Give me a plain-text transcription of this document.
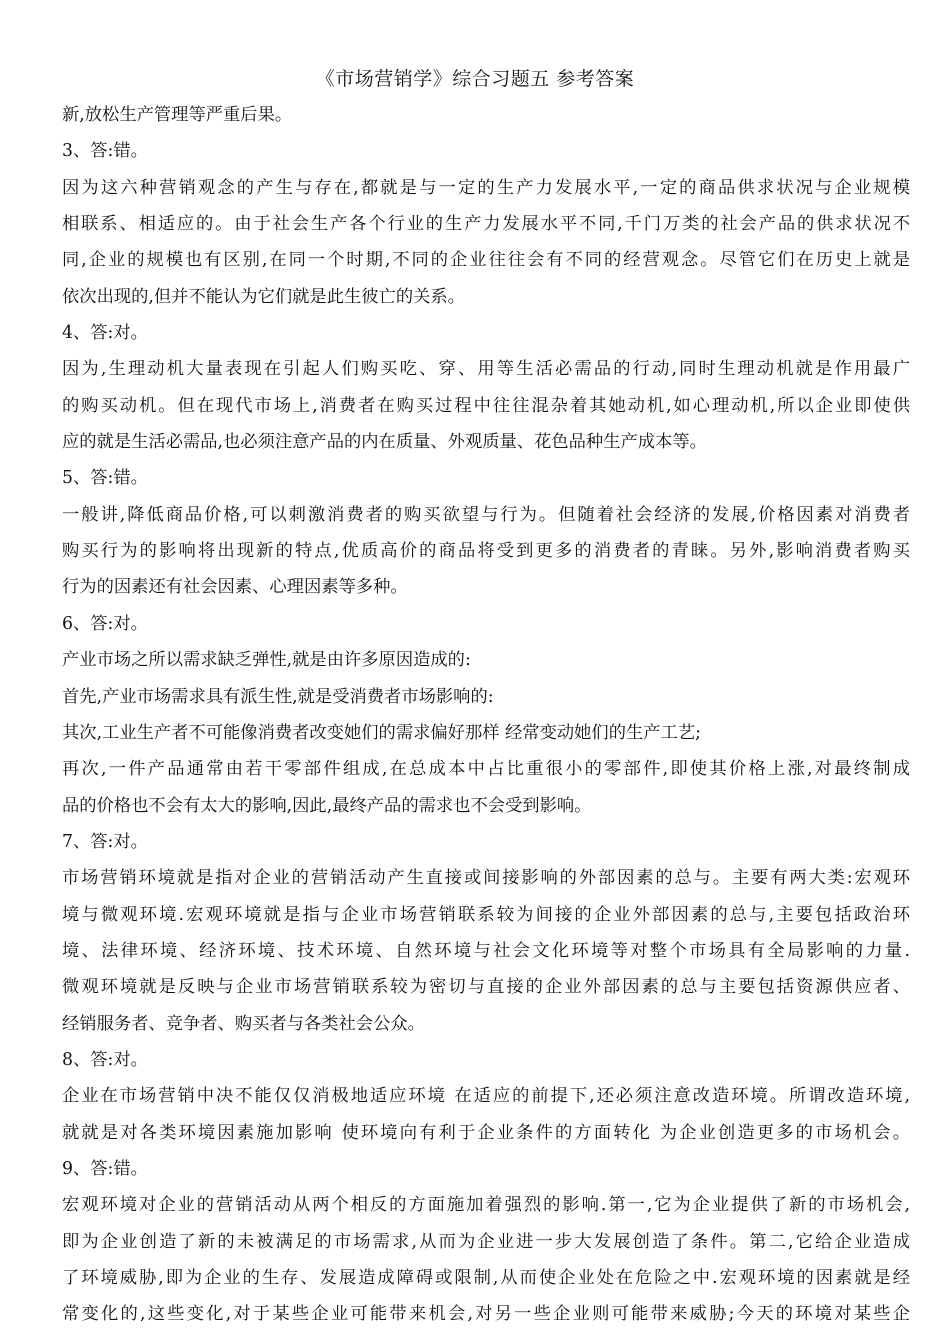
《市场营销学》综合习题五 参考答案
新,放松生产管理等严重后果。
3、答:错。
因为这六种营销观念的产生与存在,都就是与一定的生产力发展水平,一定的商品供求状况与企业规模
相联系、相适应的。由于社会生产各个行业的生产力发展水平不同,千门万类的社会产品的供求状况不
同,企业的规模也有区别,在同一个时期,不同的企业往往会有不同的经营观念。尽管它们在历史上就是
依次出现的,但并不能认为它们就是此生彼亡的关系。
4、答:对。
因为,生理动机大量表现在引起人们购买吃、穿、用等生活必需品的行动,同时生理动机就是作用最广
的购买动机。但在现代市场上,消费者在购买过程中往往混杂着其她动机,如心理动机,所以企业即使供
应的就是生活必需品,也必须注意产品的内在质量、外观质量、花色品种生产成本等。
5、答:错。
一般讲,降低商品价格,可以刺激消费者的购买欲望与行为。但随着社会经济的发展,价格因素对消费者
购买行为的影响将出现新的特点,优质高价的商品将受到更多的消费者的青睐。另外,影响消费者购买
行为的因素还有社会因素、心理因素等多种。
6、答:对。
产业市场之所以需求缺乏弹性,就是由许多原因造成的:
首先,产业市场需求具有派生性,就是受消费者市场影响的:
其次,工业生产者不可能像消费者改变她们的需求偏好那样 经常变动她们的生产工艺;
再次,一件产品通常由若干零部件组成,在总成本中占比重很小的零部件,即使其价格上涨,对最终制成
品的价格也不会有太大的影响,因此,最终产品的需求也不会受到影响。
7、答:对。
市场营销环境就是指对企业的营销活动产生直接或间接影响的外部因素的总与。主要有两大类:宏观环
境与微观环境.宏观环境就是指与企业市场营销联系较为间接的企业外部因素的总与,主要包括政治环
境、法律环境、经济环境、技术环境、自然环境与社会文化环境等对整个市场具有全局影响的力量.
微观环境就是反映与企业市场营销联系较为密切与直接的企业外部因素的总与主要包括资源供应者、
经销服务者、竞争者、购买者与各类社会公众。
8、答:对。
企业在市场营销中决不能仅仅消极地适应环境 在适应的前提下,还必须注意改造环境。所谓改造环境,
就就是对各类环境因素施加影响 使环境向有利于企业条件的方面转化 为企业创造更多的市场机会。
9、答:错。
宏观环境对企业的营销活动从两个相反的方面施加着强烈的影响.第一,它为企业提供了新的市场机会,
即为企业创造了新的未被满足的市场需求,从而为企业进一步大发展创造了条件。第二,它给企业造成
了环境威胁,即为企业的生存、发展造成障碍或限制,从而使企业处在危险之中.宏观环境的因素就是经
常变化的,这些变化,对于某些企业可能带来机会,对另一些企业则可能带来威胁;今天的环境对某些企
